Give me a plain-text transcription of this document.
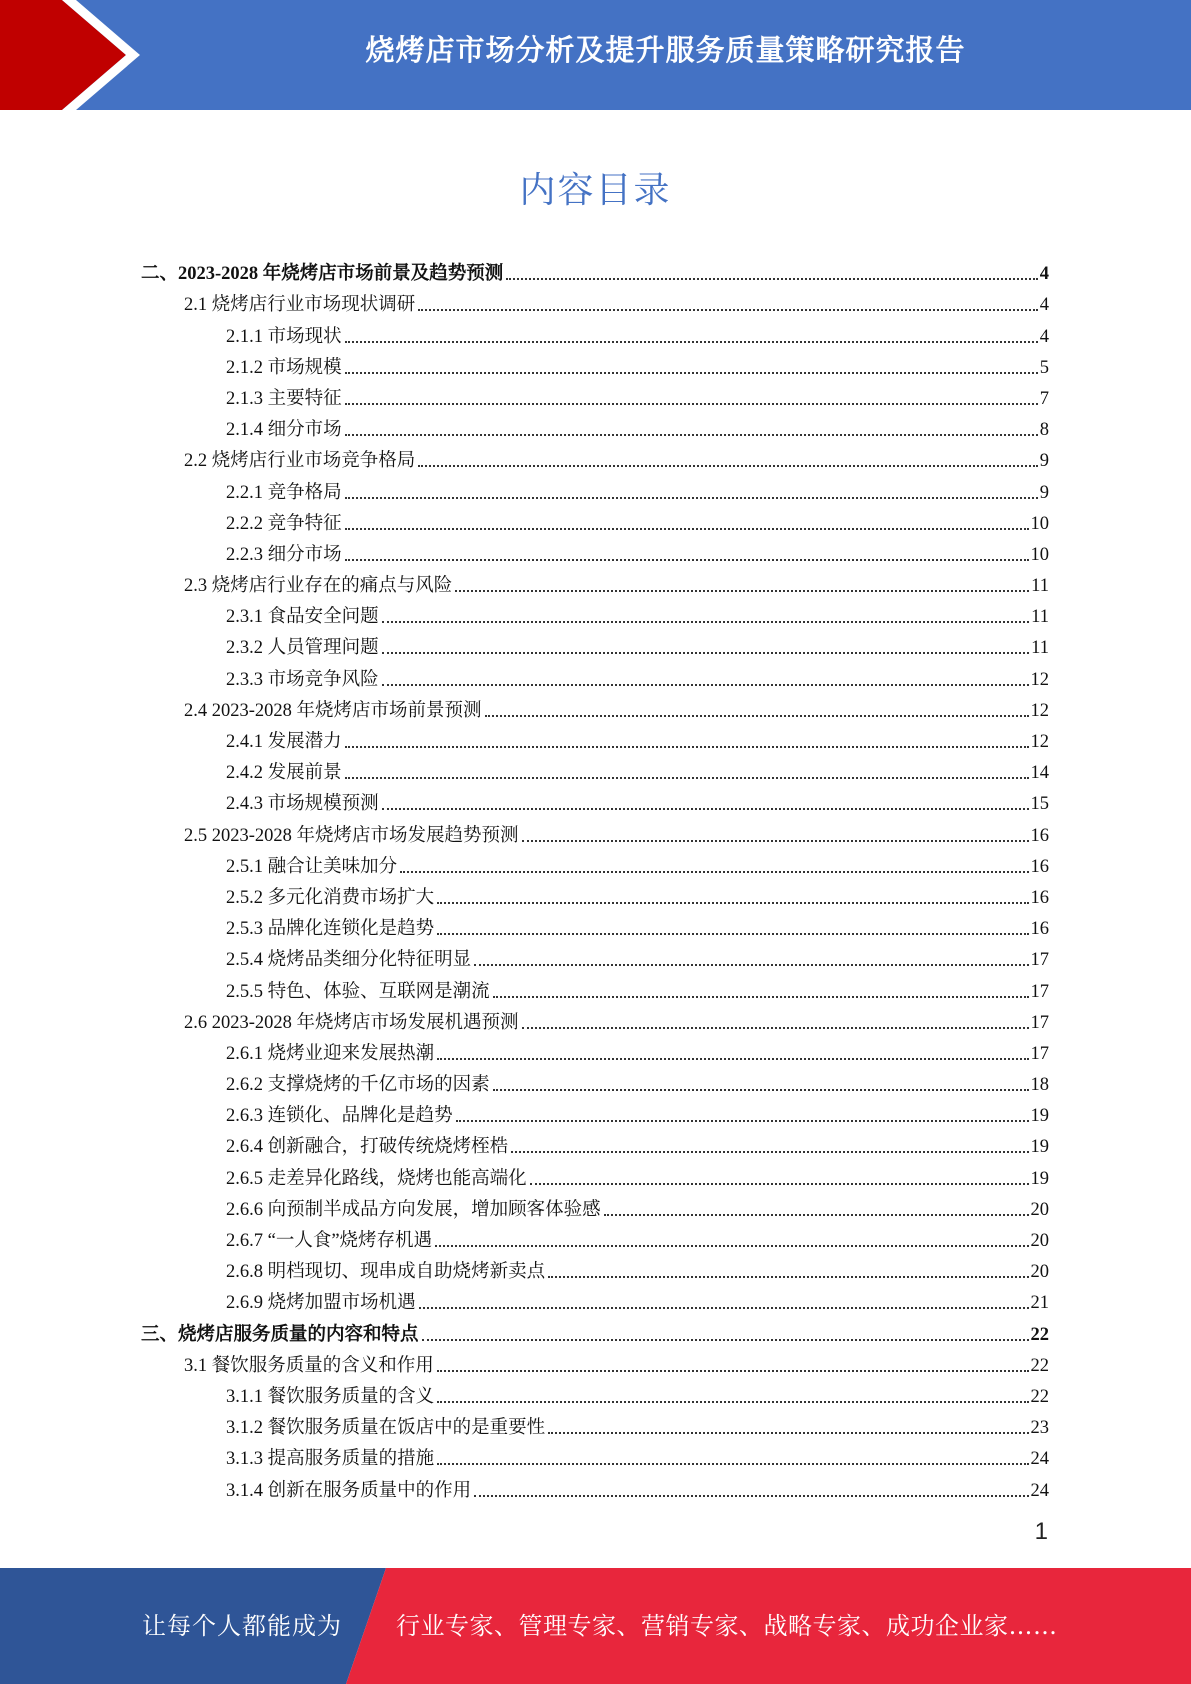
烧烤店市场分析及提升服务质量策略研究报告
内容目录
二、2023-2028 年烧烤店市场前景及趋势预测	4
2.1 烧烤店行业市场现状调研	4
2.1.1 市场现状	4
2.1.2 市场规模	5
2.1.3 主要特征	7
2.1.4 细分市场	8
2.2 烧烤店行业市场竞争格局	9
2.2.1 竞争格局	9
2.2.2 竞争特征	10
2.2.3 细分市场	10
2.3 烧烤店行业存在的痛点与风险	11
2.3.1 食品安全问题	11
2.3.2 人员管理问题	11
2.3.3 市场竞争风险	12
2.4 2023-2028 年烧烤店市场前景预测	12
2.4.1 发展潜力	12
2.4.2 发展前景	14
2.4.3 市场规模预测	15
2.5 2023-2028 年烧烤店市场发展趋势预测	16
2.5.1 融合让美味加分	16
2.5.2 多元化消费市场扩大	16
2.5.3 品牌化连锁化是趋势	16
2.5.4 烧烤品类细分化特征明显	17
2.5.5 特色、体验、互联网是潮流	17
2.6 2023-2028 年烧烤店市场发展机遇预测	17
2.6.1 烧烤业迎来发展热潮	17
2.6.2 支撑烧烤的千亿市场的因素	18
2.6.3 连锁化、品牌化是趋势	19
2.6.4 创新融合，打破传统烧烤桎梏	19
2.6.5 走差异化路线，烧烤也能高端化	19
2.6.6 向预制半成品方向发展，增加顾客体验感	20
2.6.7 “一人食”烧烤存机遇	20
2.6.8 明档现切、现串成自助烧烤新卖点	20
2.6.9 烧烤加盟市场机遇	21
三、烧烤店服务质量的内容和特点	22
3.1 餐饮服务质量的含义和作用	22
3.1.1 餐饮服务质量的含义	22
3.1.2 餐饮服务质量在饭店中的是重要性	23
3.1.3 提高服务质量的措施	24
3.1.4 创新在服务质量中的作用	24
1
让每个人都能成为 行业专家、管理专家、营销专家、战略专家、成功企业家……
